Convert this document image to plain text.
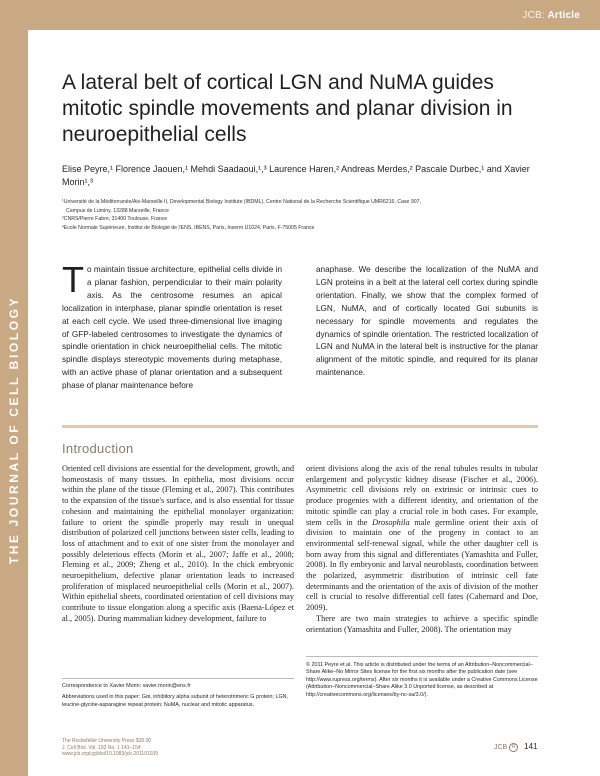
JCB: Article
THE JOURNAL OF CELL BIOLOGY
A lateral belt of cortical LGN and NuMA guides mitotic spindle movements and planar division in neuroepithelial cells
Elise Peyre,¹ Florence Jaouen,¹ Mehdi Saadaoui,¹,³ Laurence Haren,² Andreas Merdes,² Pascale Durbec,¹ and Xavier Morin¹,³
¹Université de la Méditerranée/Aix-Marseille II, Developmental Biology Institute (IBDML), Centre National de la Recherche Scientifique UMR6216, Case 907,
Campus de Luminy, 13288 Marseille, France
²CNRS/Pierre Fabre, 31400 Toulouse, France
³Ecole Normale Supérieure, Institut de Biologie de l'ENS, IBENS, Paris, Inserm U1024, Paris, F-75005 France
T o maintain tissue architecture, epithelial cells divide in a planar fashion, perpendicular to their main polarity axis. As the centrosome resumes an apical localization in interphase, planar spindle orientation is reset at each cell cycle. We used three-dimensional live imaging of GFP-labeled centrosomes to investigate the dynamics of spindle orientation in chick neuroepithelial cells. The mitotic spindle displays stereotypic movements during metaphase, with an active phase of planar orientation and a subsequent phase of planar maintenance before
anaphase. We describe the localization of the NuMA and LGN proteins in a belt at the lateral cell cortex during spindle orientation. Finally, we show that the complex formed of LGN, NuMA, and of cortically located Gαi subunits is necessary for spindle movements and regulates the dynamics of spindle orientation. The restricted localization of LGN and NuMA in the lateral belt is instructive for the planar alignment of the mitotic spindle, and required for its planar maintenance.
Introduction
Oriented cell divisions are essential for the development, growth, and homeostasis of many tissues. In epithelia, most divisions occur within the plane of the tissue (Fleming et al., 2007). This contributes to the expansion of the tissue's surface, and is also essential for tissue cohesion and maintaining the epithelial monolayer organization: failure to orient the spindle properly may result in unequal distribution of polarized cell junctions between sister cells, leading to loss of attachment and to exit of one sister from the monolayer and possibly deleterious effects (Morin et al., 2007; Jaffe et al., 2008; Fleming et al., 2009; Zheng et al., 2010). In the chick embryonic neuroepithelium, defective planar orientation leads to increased proliferation of misplaced neuroepithelial cells (Morin et al., 2007). Within epithelial sheets, coordinated orientation of cell divisions may contribute to tissue elongation along a specific axis (Baena-López et al., 2005). During mammalian kidney development, failure to
orient divisions along the axis of the renal tubules results in tubular enlargement and polycystic kidney disease (Fischer et al., 2006). Asymmetric cell divisions rely on extrinsic or intrinsic cues to produce progenies with a different identity, and orientation of the mitotic spindle can play a crucial role in both cases. For example, stem cells in the Drosophila male germline orient their axis of division to maintain one of the progeny in contact to an environmental self-renewal signal, while the other daughter cell is born away from this signal and differentiates (Yamashita and Fuller, 2008). In fly embryonic and larval neuroblasts, coordination between the polarized, asymmetric distribution of intrinsic cell fate determinants and the orientation of the axis of division of the mother cell is crucial to resolve differential cell fates (Cabernard and Doe, 2009).
There are two main strategies to achieve a specific spindle orientation (Yamashita and Fuller, 2008). The orientation may
© 2011 Peyre et al. This article is distributed under the terms of an Attribution–Noncommercial–Share Alike–No Mirror Sites license for the first six months after the publication date (see http://www.rupress.org/terms). After six months it is available under a Creative Commons License (Attribution–Noncommercial–Share Alike 3.0 Unported license, as described at http://creativecommons.org/licenses/by-nc-sa/3.0/).
Correspondence to Xavier Morin: xavier.morin@ens.fr
Abbreviations used in this paper: Gαi, inhibitory alpha subunit of heterotrimeric G protein; LGN, leucine-glycine-asparagine repeat protein; NuMA, nuclear and mitotic apparatus.
The Rockefeller University Press $30.00
J. Cell Biol. Vol. 193 No. 1 141–154
www.jcb.org/cgi/doi/10.1083/jcb.201101039
JCB R 141
